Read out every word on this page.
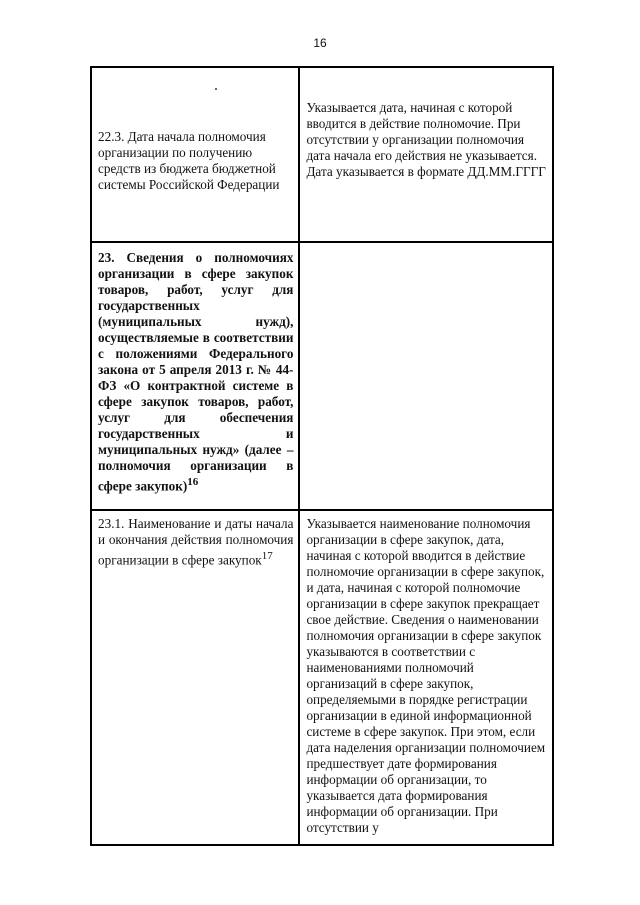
16
22.3. Дата начала полномочия организации по получению средств из бюджета бюджетной системы Российской Федерации	Указывается дата, начиная с которой вводится в действие полномочие. При отсутствии у организации полномочия дата начала его действия не указывается. Дата указывается в формате ДД.ММ.ГГГГ

23. Сведения о полномочиях организации в сфере закупок товаров, работ, услуг для государственных (муниципальных нужд), осуществляемые в соответствии с положениями Федерального закона от 5 апреля 2013 г. № 44-ФЗ «О контрактной системе в сфере закупок товаров, работ, услуг для обеспечения государственных и муниципальных нужд» (далее – полномочия организации в сфере закупок)$^{16}$

23.1. Наименование и даты начала и окончания действия полномочия организации в сфере закупок$^{17}$	Указывается наименование полномочия организации в сфере закупок, дата, начиная с которой вводится в действие полномочие организации в сфере закупок, и дата, начиная с которой полномочие организации в сфере закупок прекращает свое действие. Сведения о наименовании полномочия организации в сфере закупок указываются в соответствии с наименованиями полномочий организаций в сфере закупок, определяемыми в порядке регистрации организации в единой информационной системе в сфере закупок. При этом, если дата наделения организации полномочием предшествует дате формирования информации об организации, то указывается дата формирования информации об организации. При отсутствии у
